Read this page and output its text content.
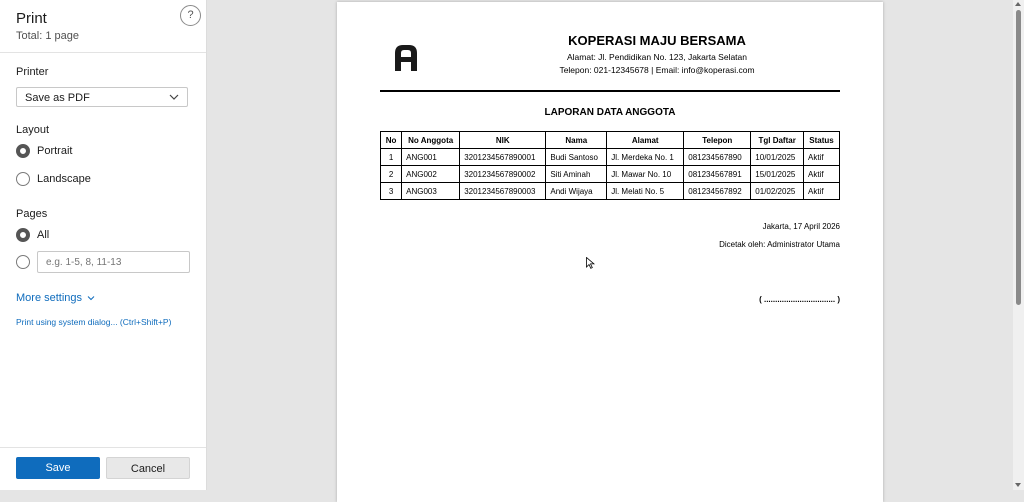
Print
Total: 1 page
?
Printer
Save as PDF
Layout
Portrait
Landscape
Pages
All
e.g. 1-5, 8, 11-13
More settings
Print using system dialog... (Ctrl+Shift+P)
Save	Cancel
KOPERASI MAJU BERSAMA
Alamat: Jl. Pendidikan No. 123, Jakarta Selatan
Telepon: 021-12345678 | Email: info@koperasi.com
LAPORAN DATA ANGGOTA
No	No Anggota	NIK	Nama	Alamat	Telepon	Tgl Daftar	Status
1	ANG001	3201234567890001	Budi Santoso	Jl. Merdeka No. 1	081234567890	10/01/2025	Aktif
2	ANG002	3201234567890002	Siti Aminah	Jl. Mawar No. 10	081234567891	15/01/2025	Aktif
3	ANG003	3201234567890003	Andi Wijaya	Jl. Melati No. 5	081234567892	01/02/2025	Aktif
Jakarta, 17 April 2026
Dicetak oleh: Administrator Utama
( ................................ )
